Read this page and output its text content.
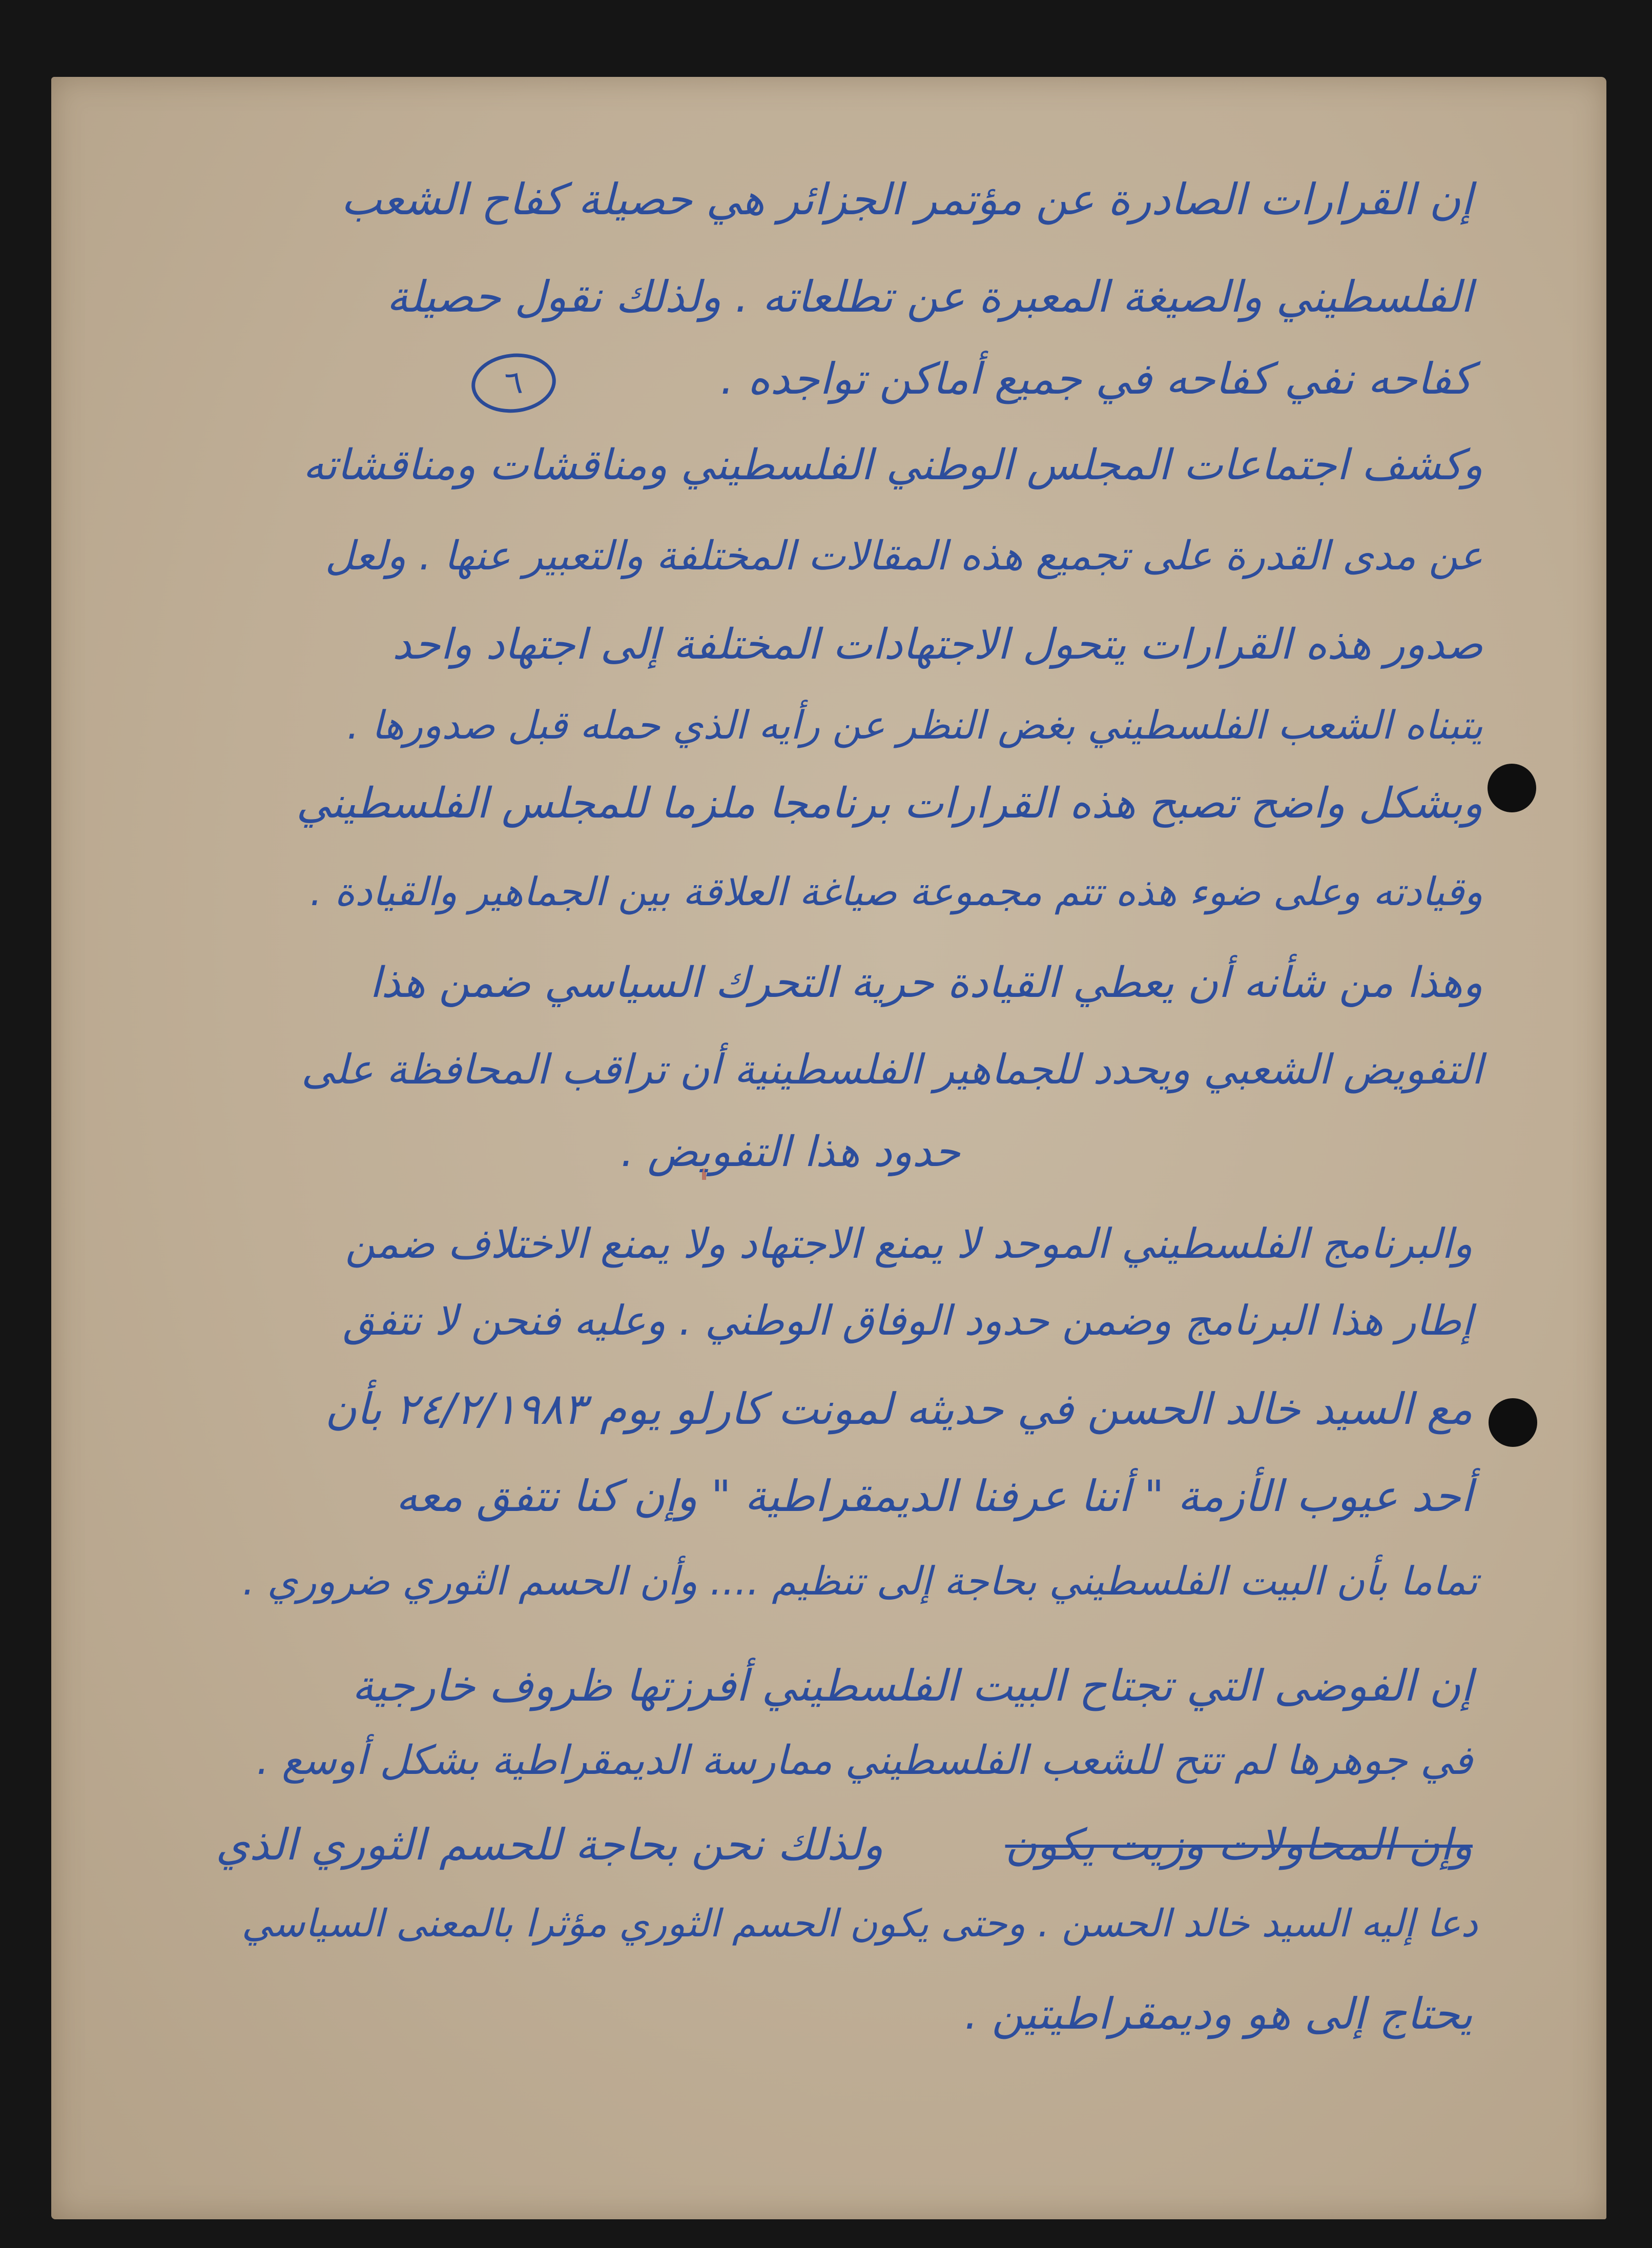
٦
إن القرارات الصادرة عن مؤتمر الجزائر هي حصيلة كفاح الشعب
الفلسطيني والصيغة المعبرة عن تطلعاته . ولذلك نقول حصيلة
كفاحه نفي كفاحه في جميع أماكن تواجده .
وكشف اجتماعات المجلس الوطني الفلسطيني ومناقشات ومناقشاته
عن مدى القدرة على تجميع هذه المقالات المختلفة والتعبير عنها . ولعل
صدور هذه القرارات يتحول الاجتهادات المختلفة إلى اجتهاد واحد
يتبناه الشعب الفلسطيني بغض النظر عن رأيه الذي حمله قبل صدورها .
وبشكل واضح تصبح هذه القرارات برنامجا ملزما للمجلس الفلسطيني
وقيادته وعلى ضوء هذه تتم مجموعة صياغة العلاقة بين الجماهير والقيادة .
وهذا من شأنه أن يعطي القيادة حرية التحرك السياسي ضمن هذا
التفويض الشعبي ويحدد للجماهير الفلسطينية أن تراقب المحافظة على
حدود هذا التفويض .
والبرنامج الفلسطيني الموحد لا يمنع الاجتهاد ولا يمنع الاختلاف ضمن
إطار هذا البرنامج وضمن حدود الوفاق الوطني . وعليه فنحن لا نتفق
مع السيد خالد الحسن في حديثه لمونت كارلو يوم ٢٤/٢/١٩٨٣ بأن
أحد عيوب الأزمة " أننا عرفنا الديمقراطية " وإن كنا نتفق معه
تماما بأن البيت الفلسطيني بحاجة إلى تنظيم .... وأن الحسم الثوري ضروري .
إن الفوضى التي تجتاح البيت الفلسطيني أفرزتها ظروف خارجية
في جوهرها لم تتح للشعب الفلسطيني ممارسة الديمقراطية بشكل أوسع .
وإن المحاولات وزيت يكون
ولذلك نحن بحاجة للحسم الثوري الذي
دعا إليه السيد خالد الحسن . وحتى يكون الحسم الثوري مؤثرا بالمعنى السياسي
يحتاج إلى هو وديمقراطيتين .
